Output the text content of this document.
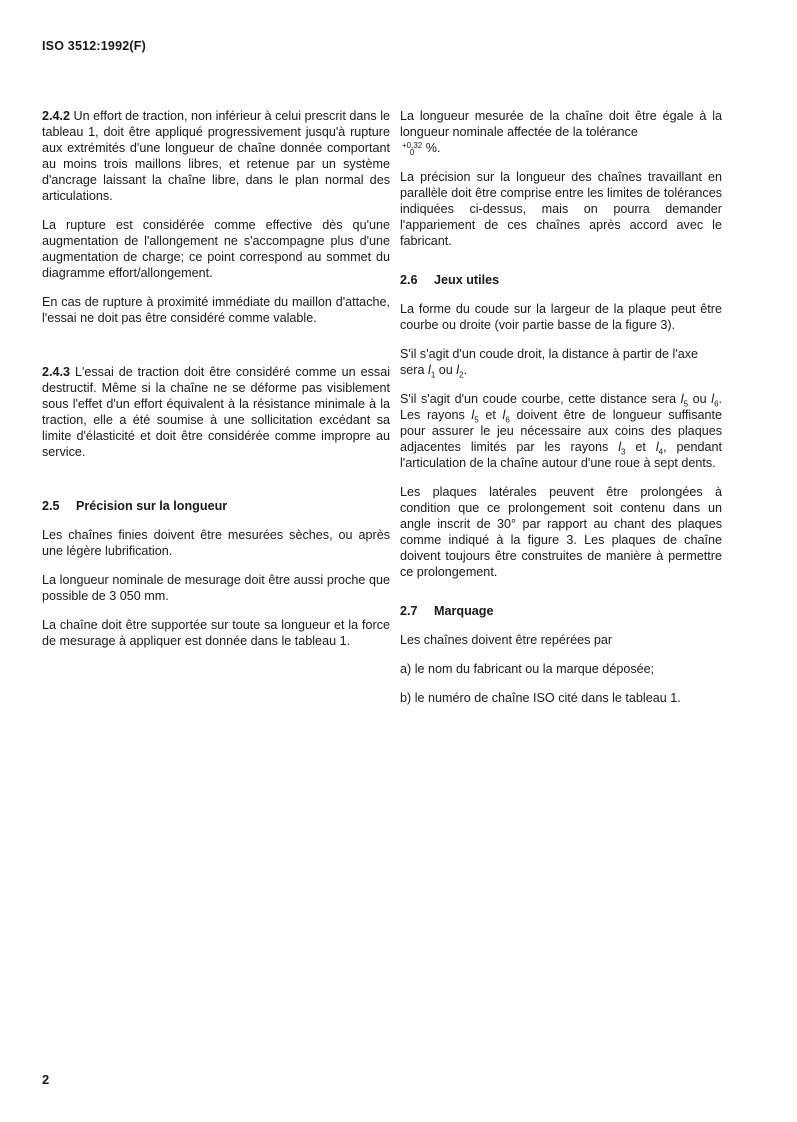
ISO 3512:1992(F)

2.4.2 Un effort de traction, non inférieur à celui prescrit dans le tableau 1, doit être appliqué progressivement jusqu'à rupture aux extrémités d'une longueur de chaîne donnée comportant au moins trois maillons libres, et retenue par un système d'ancrage laissant la chaîne libre, dans le plan normal des articulations.

La rupture est considérée comme effective dès qu'une augmentation de l'allongement ne s'accompagne plus d'une augmentation de charge; ce point correspond au sommet du diagramme effort/allongement.

En cas de rupture à proximité immédiate du maillon d'attache, l'essai ne doit pas être considéré comme valable.

2.4.3 L'essai de traction doit être considéré comme un essai destructif. Même si la chaîne ne se déforme pas visiblement sous l'effet d'un effort équivalent à la résistance minimale à la traction, elle a été soumise à une sollicitation excédant sa limite d'élasticité et doit être considérée comme impropre au service.

2.5 Précision sur la longueur

Les chaînes finies doivent être mesurées sèches, ou après une légère lubrification.

La longueur nominale de mesurage doit être aussi proche que possible de 3 050 mm.

La chaîne doit être supportée sur toute sa longueur et la force de mesurage à appliquer est donnée dans le tableau 1.

La longueur mesurée de la chaîne doit être égale à la longueur nominale affectée de la tolérance
+0,32
0 %.

La précision sur la longueur des chaînes travaillant en parallèle doit être comprise entre les limites de tolérances indiquées ci-dessus, mais on pourra demander l'appariement de ces chaînes après accord avec le fabricant.

2.6 Jeux utiles

La forme du coude sur la largeur de la plaque peut être courbe ou droite (voir partie basse de la figure 3).

S'il s'agit d'un coude droit, la distance à partir de l'axe sera $l_1$ ou $l_2$.

S'il s'agit d'un coude courbe, cette distance sera $l_5$ ou $l_6$. Les rayons $l_5$ et $l_6$ doivent être de longueur suffisante pour assurer le jeu nécessaire aux coins des plaques adjacentes limités par les rayons $l_3$ et $l_4$, pendant l'articulation de la chaîne autour d'une roue à sept dents.

Les plaques latérales peuvent être prolongées à condition que ce prolongement soit contenu dans un angle inscrit de 30° par rapport au chant des plaques comme indiqué à la figure 3. Les plaques de chaîne doivent toujours être construites de manière à permettre ce prolongement.

2.7 Marquage

Les chaînes doivent être repérées par

a) le nom du fabricant ou la marque déposée;

b) le numéro de chaîne ISO cité dans le tableau 1.

2
